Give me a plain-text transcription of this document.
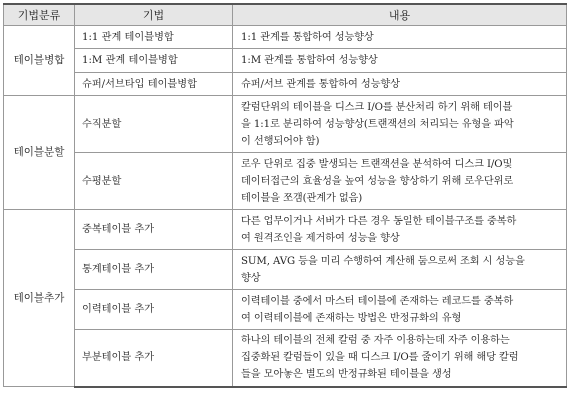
기법분류	기법	내용
테이블병합	1:1 관계 테이블병합	1:1 관계를 통합하여 성능향상

	1:M 관계 테이블병합	1:M 관계를 통합하여 성능향상

	슈퍼/서브타입 테이블병합	슈퍼/서브 관계를 통합하여 성능향상

테이블분할	수직분할	칼럼단위의 테이블을 디스크 I/O를 분산처리 하기 위해 테이블
을 1:1로 분리하여 성능향상(트랜잭션의 처리되는 유형을 파악
이 선행되어야 함)

	수평분할	로우 단위로 집중 발생되는 트랜잭션을 분석하여 디스크 I/O및
데이터접근의 효율성을 높여 성능을 향상하기 위해 로우단위로
테이블을 쪼갬(관계가 없음)

테이블추가	중복테이블 추가	다른 업무이거나 서버가 다른 경우 동일한 테이블구조를 중복하
여 원격조인을 제거하여 성능을 향상

	통계테이블 추가	SUM, AVG 등을 미리 수행하여 계산해 둠으로써 조회 시 성능을
향상

	이력테이블 추가	이력테이블 중에서 마스터 테이블에 존재하는 레코드를 중복하
여 이력테이블에 존재하는 방법은 반정규화의 유형

	부분테이블 추가	하나의 테이블의 전체 칼럼 중 자주 이용하는데 자주 이용하는
집중화된 칼럼들이 있을 때 디스크 I/O를 줄이기 위해 해당 칼럼
들을 모아놓은 별도의 반정규화된 테이블을 생성
